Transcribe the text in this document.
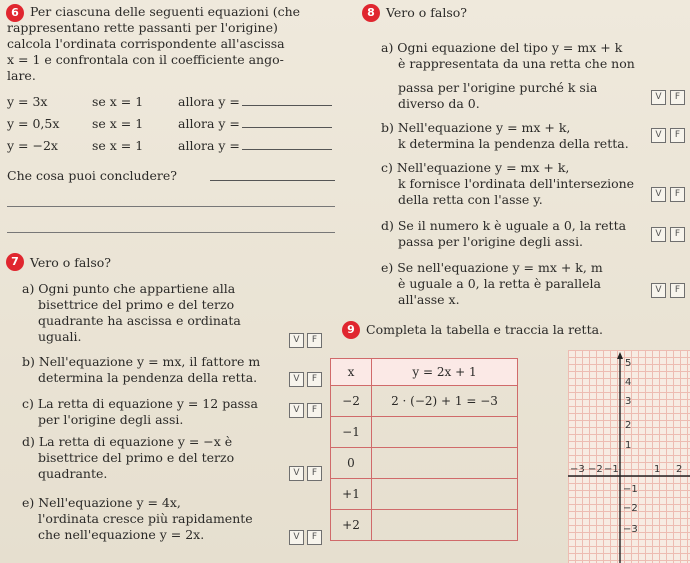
6 Per ciascuna delle seguenti equazioni (che
rappresentano rette passanti per l'origine)
calcola l'ordinata corrispondente all'ascissa
x = 1 e confrontala con il coefficiente ango-
lare.
y = 3x	se x = 1	allora y =
y = 0,5x	se x = 1	allora y =
y = −2x	se x = 1	allora y =
Che cosa puoi concludere?
7 Vero o falso?
a) Ogni punto che appartiene alla
bisettrice del primo e del terzo
quadrante ha ascissa e ordinata
uguali.	V	F
b) Nell'equazione y = mx, il fattore m
determina la pendenza della retta.	V	F
c) La retta di equazione y = 12 passa
per l'origine degli assi.
V	F
d) La retta di equazione y = −x è
bisettrice del primo e del terzo
quadrante.	V	F
e) Nell'equazione y = 4x,
l'ordinata cresce più rapidamente
che nell'equazione y = 2x.	V	F
8 Vero o falso?
a) Ogni equazione del tipo y = mx + k
è rappresentata da una retta che non
passa per l'origine purché k sia
diverso da 0.	V	F
b) Nell'equazione y = mx + k,
k determina la pendenza della retta.
V	F
c) Nell'equazione y = mx + k,
k fornisce l'ordinata dell'intersezione
della retta con l'asse y.	V	F
d) Se il numero k è uguale a 0, la retta
passa per l'origine degli assi.	V	F
e) Se nell'equazione y = mx + k, m
è uguale a 0, la retta è parallela
all'asse x.
V	F
9 Completa la tabella e traccia la retta.
x	y = 2x + 1
−2	2 · (−2) + 1 = −3
−1	
0	
+1	
+2	
5
4
3
2
1
−1
−2
−3
−3 −2 −1	1 2
